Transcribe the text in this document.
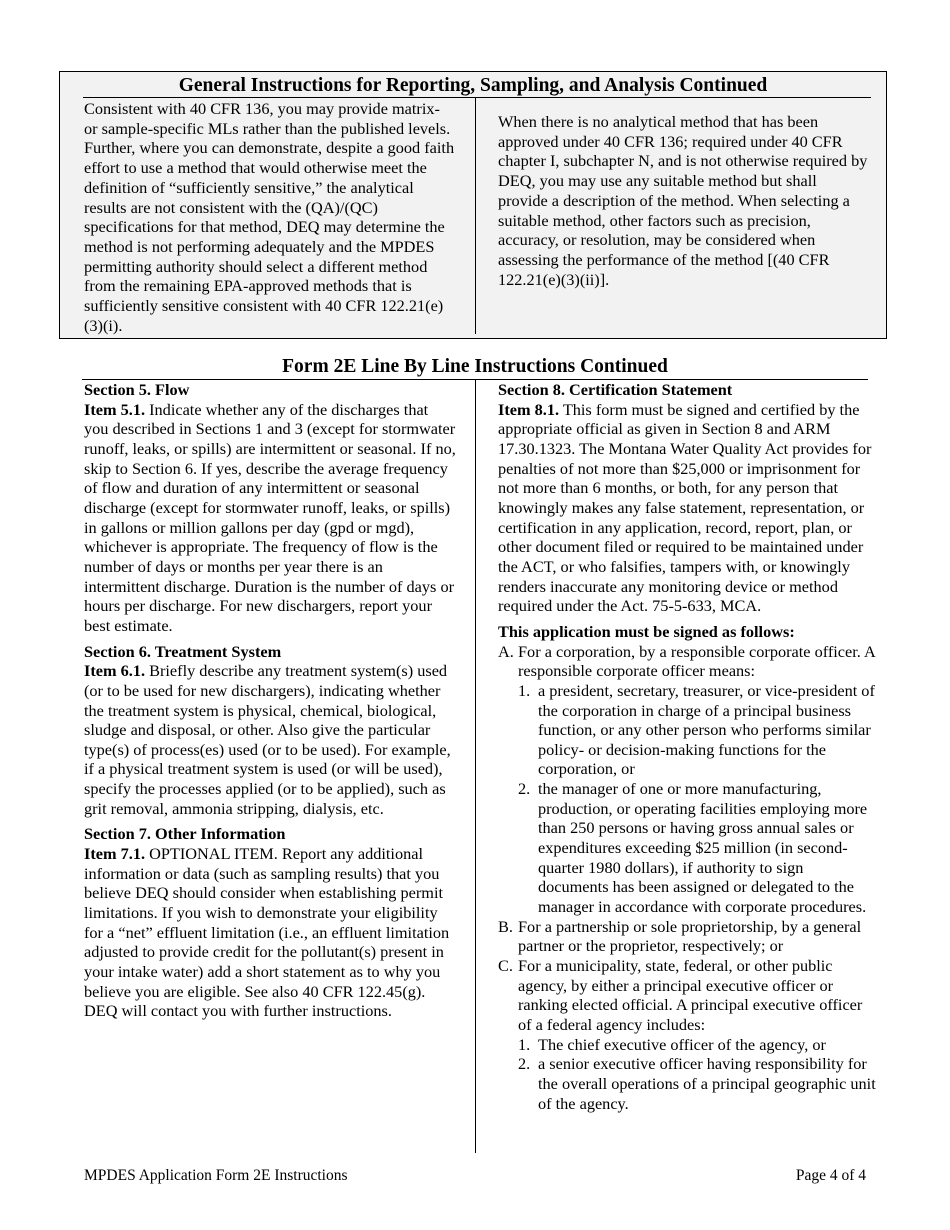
General Instructions for Reporting, Sampling, and Analysis Continued
Consistent with 40 CFR 136, you may provide matrix- or sample-specific MLs rather than the published levels. Further, where you can demonstrate, despite a good faith effort to use a method that would otherwise meet the definition of “sufficiently sensitive,” the analytical results are not consistent with the (QA)/(QC) specifications for that method, DEQ may determine the method is not performing adequately and the MPDES permitting authority should select a different method from the remaining EPA-approved methods that is sufficiently sensitive consistent with 40 CFR 122.21(e)(3)(i).
When there is no analytical method that has been approved under 40 CFR 136; required under 40 CFR chapter I, subchapter N, and is not otherwise required by DEQ, you may use any suitable method but shall provide a description of the method. When selecting a suitable method, other factors such as precision, accuracy, or resolution, may be considered when assessing the performance of the method [(40 CFR 122.21(e)(3)(ii)].
Form 2E Line By Line Instructions Continued
Section 5. Flow
Item 5.1. Indicate whether any of the discharges that you described in Sections 1 and 3 (except for stormwater runoff, leaks, or spills) are intermittent or seasonal. If no, skip to Section 6. If yes, describe the average frequency of flow and duration of any intermittent or seasonal discharge (except for stormwater runoff, leaks, or spills) in gallons or million gallons per day (gpd or mgd), whichever is appropriate. The frequency of flow is the number of days or months per year there is an intermittent discharge. Duration is the number of days or hours per discharge. For new dischargers, report your best estimate.
Section 6. Treatment System
Item 6.1. Briefly describe any treatment system(s) used (or to be used for new dischargers), indicating whether the treatment system is physical, chemical, biological, sludge and disposal, or other. Also give the particular type(s) of process(es) used (or to be used). For example, if a physical treatment system is used (or will be used), specify the processes applied (or to be applied), such as grit removal, ammonia stripping, dialysis, etc.
Section 7. Other Information
Item 7.1. OPTIONAL ITEM. Report any additional information or data (such as sampling results) that you believe DEQ should consider when establishing permit limitations. If you wish to demonstrate your eligibility for a “net” effluent limitation (i.e., an effluent limitation adjusted to provide credit for the pollutant(s) present in your intake water) add a short statement as to why you believe you are eligible. See also 40 CFR 122.45(g). DEQ will contact you with further instructions.
Section 8. Certification Statement
Item 8.1. This form must be signed and certified by the appropriate official as given in Section 8 and ARM 17.30.1323. The Montana Water Quality Act provides for penalties of not more than $25,000 or imprisonment for not more than 6 months, or both, for any person that knowingly makes any false statement, representation, or certification in any application, record, report, plan, or other document filed or required to be maintained under the ACT, or who falsifies, tampers with, or knowingly renders inaccurate any monitoring device or method required under the Act. 75-5-633, MCA.
This application must be signed as follows:
A. For a corporation, by a responsible corporate officer. A responsible corporate officer means:
1. a president, secretary, treasurer, or vice-president of the corporation in charge of a principal business function, or any other person who performs similar policy- or decision-making functions for the corporation, or
2. the manager of one or more manufacturing, production, or operating facilities employing more than 250 persons or having gross annual sales or expenditures exceeding $25 million (in second-quarter 1980 dollars), if authority to sign documents has been assigned or delegated to the manager in accordance with corporate procedures.
B. For a partnership or sole proprietorship, by a general partner or the proprietor, respectively; or
C. For a municipality, state, federal, or other public agency, by either a principal executive officer or ranking elected official. A principal executive officer of a federal agency includes:
1. The chief executive officer of the agency, or
2. a senior executive officer having responsibility for the overall operations of a principal geographic unit of the agency.
MPDES Application Form 2E Instructions	Page 4 of 4
